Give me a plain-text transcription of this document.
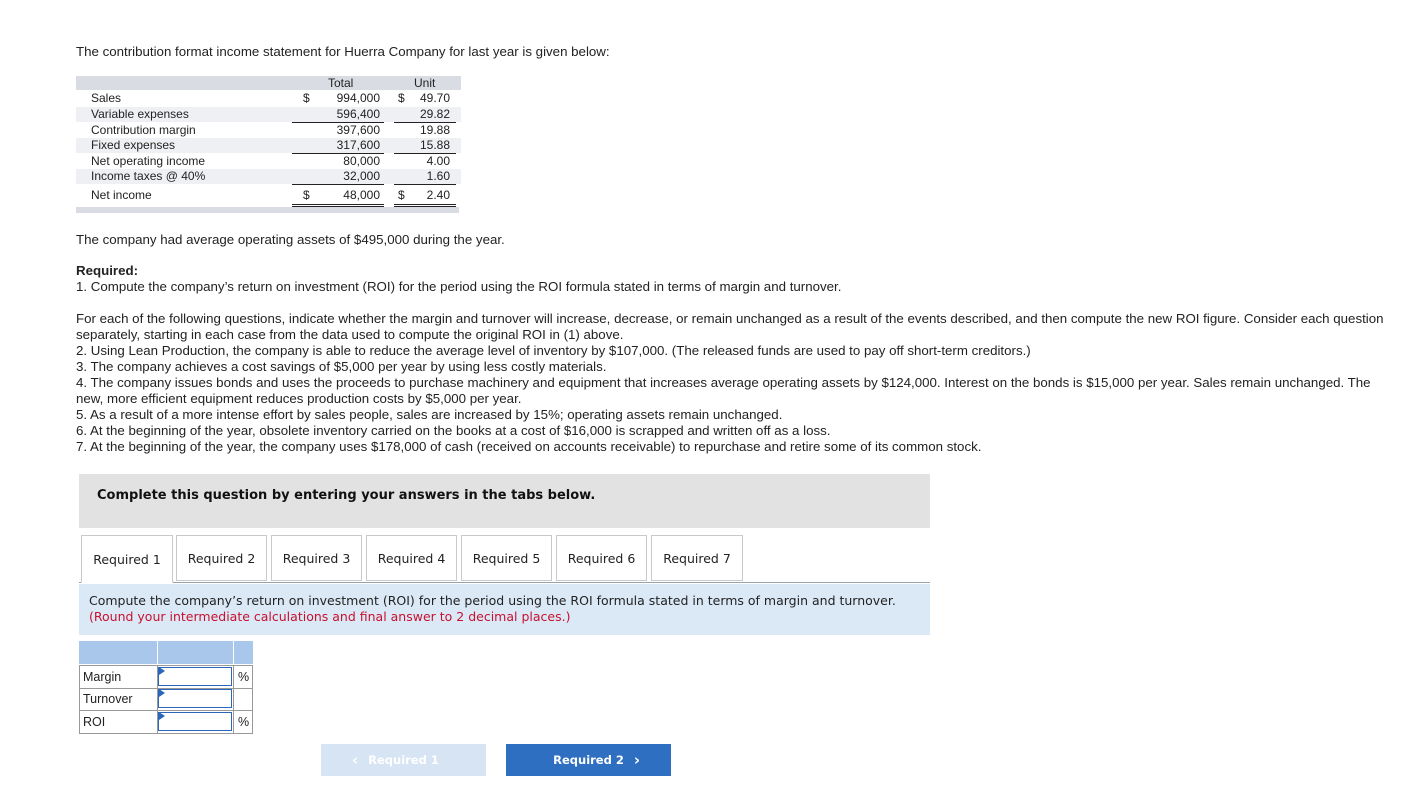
The contribution format income statement for Huerra Company for last year is given below:
Total	Unit
Sales	$	994,000 $	49.70
Variable expenses	596,400	29.82
Contribution margin	397,600	19.88
Fixed expenses	317,600	15.88
Net operating income	80,000	4.00
Income taxes @ 40%	32,000	1.60
Net income	$	48,000 $	2.40
The company had average operating assets of $495,000 during the year.
Required:
1. Compute the company’s return on investment (ROI) for the period using the ROI formula stated in terms of margin and turnover.
For each of the following questions, indicate whether the margin and turnover will increase, decrease, or remain unchanged as a result of the events described, and then compute the new ROI figure. Consider each question separately, starting in each case from the data used to compute the original ROI in (1) above.
2. Using Lean Production, the company is able to reduce the average level of inventory by $107,000. (The released funds are used to pay off short-term creditors.)
3. The company achieves a cost savings of $5,000 per year by using less costly materials.
4. The company issues bonds and uses the proceeds to purchase machinery and equipment that increases average operating assets by $124,000. Interest on the bonds is $15,000 per year. Sales remain unchanged. The new, more efficient equipment reduces production costs by $5,000 per year.
5. As a result of a more intense effort by sales people, sales are increased by 15%; operating assets remain unchanged.
6. At the beginning of the year, obsolete inventory carried on the books at a cost of $16,000 is scrapped and written off as a loss.
7. At the beginning of the year, the company uses $178,000 of cash (received on accounts receivable) to repurchase and retire some of its common stock.
Complete this question by entering your answers in the tabs below.
Required 1	Required 2	Required 3	Required 4	Required 5	Required 6	Required 7
Compute the company’s return on investment (ROI) for the period using the ROI formula stated in terms of margin and turnover. (Round your intermediate calculations and final answer to 2 decimal places.)
Margin	%
Turnover
ROI	%
‹ Required 1	Required 2 ›
